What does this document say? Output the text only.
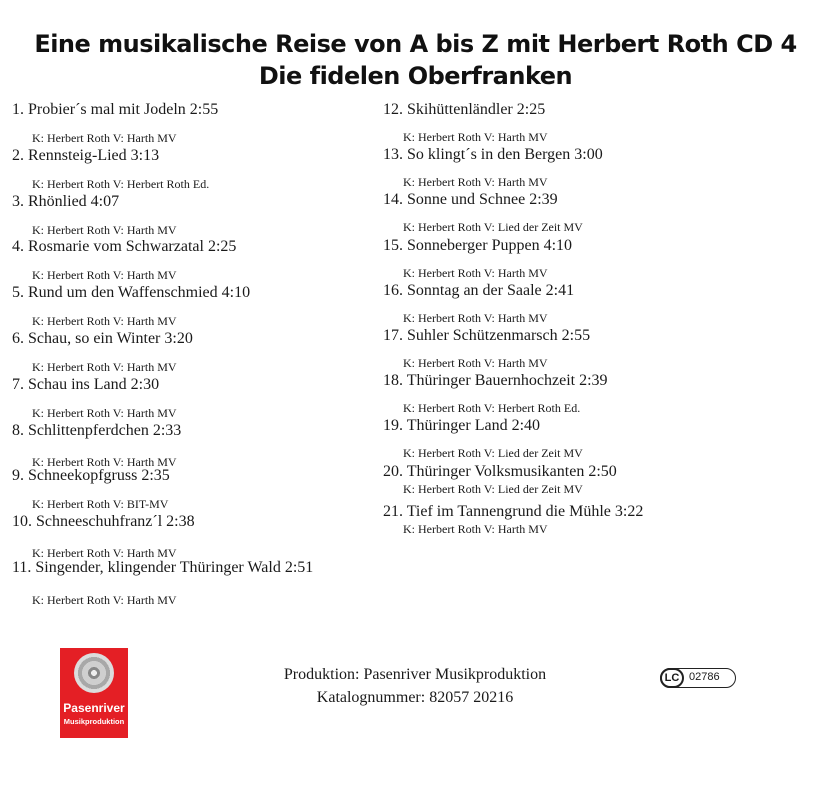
Eine musikalische Reise von A bis Z mit Herbert Roth CD 4
Die fidelen Oberfranken
1. Probier´s mal mit Jodeln 2:55
K: Herbert Roth V: Harth MV
2. Rennsteig-Lied 3:13
K: Herbert Roth V: Herbert Roth Ed.
3. Rhönlied 4:07
K: Herbert Roth V: Harth MV
4. Rosmarie vom Schwarzatal 2:25
K: Herbert Roth V: Harth MV
5. Rund um den Waffenschmied 4:10
K: Herbert Roth V: Harth MV
6. Schau, so ein Winter 3:20
K: Herbert Roth V: Harth MV
7. Schau ins Land 2:30
K: Herbert Roth V: Harth MV
8. Schlittenpferdchen 2:33
K: Herbert Roth V: Harth MV
9. Schneekopfgruss 2:35
K: Herbert Roth V: BIT-MV
10. Schneeschuhfranz´l 2:38
K: Herbert Roth V: Harth MV
11. Singender, klingender Thüringer Wald 2:51
K: Herbert Roth V: Harth MV
12. Skihüttenländler 2:25
K: Herbert Roth V: Harth MV
13. So klingt´s in den Bergen 3:00
K: Herbert Roth V: Harth MV
14. Sonne und Schnee 2:39
K: Herbert Roth V: Lied der Zeit MV
15. Sonneberger Puppen 4:10
K: Herbert Roth V: Harth MV
16. Sonntag an der Saale 2:41
K: Herbert Roth V: Harth MV
17. Suhler Schützenmarsch 2:55
K: Herbert Roth V: Harth MV
18. Thüringer Bauernhochzeit 2:39
K: Herbert Roth V: Herbert Roth Ed.
19. Thüringer Land 2:40
K: Herbert Roth V: Lied der Zeit MV
20. Thüringer Volksmusikanten 2:50
K: Herbert Roth V: Lied der Zeit MV
21. Tief im Tannengrund die Mühle 3:22
K: Herbert Roth V: Harth MV
Pasenriver
Musikproduktion
Produktion: Pasenriver Musikproduktion
Katalognummer: 82057 20216
LC 02786
